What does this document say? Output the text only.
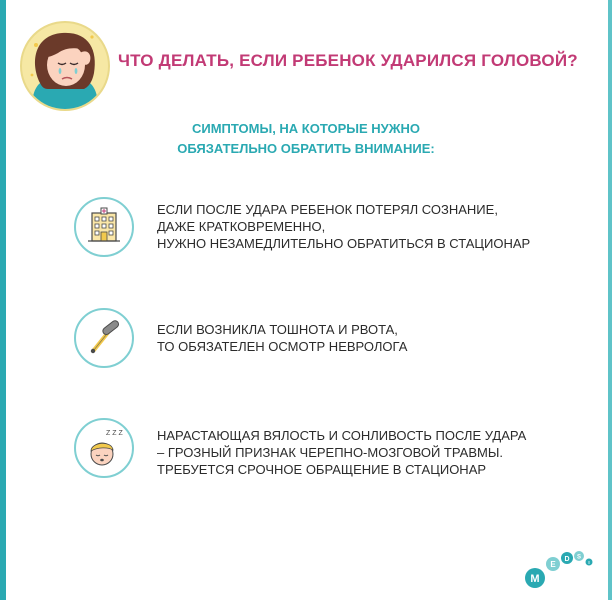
ЧТО ДЕЛАТЬ, ЕСЛИ РЕБЕНОК УДАРИЛСЯ ГОЛОВОЙ?
СИМПТОМЫ, НА КОТОРЫЕ НУЖНО
ОБЯЗАТЕЛЬНО ОБРАТИТЬ ВНИМАНИЕ:
ЕСЛИ ПОСЛЕ УДАРА РЕБЕНОК ПОТЕРЯЛ СОЗНАНИЕ,
ДАЖЕ КРАТКОВРЕМЕННО,
НУЖНО НЕЗАМЕДЛИТЕЛЬНО ОБРАТИТЬСЯ В СТАЦИОНАР
ЕСЛИ ВОЗНИКЛА ТОШНОТА И РВОТА,
ТО ОБЯЗАТЕЛЕН ОСМОТР НЕВРОЛОГА
Z Z Z	НАРАСТАЮЩАЯ ВЯЛОСТЬ И СОНЛИВОСТЬ ПОСЛЕ УДАРА
– ГРОЗНЫЙ ПРИЗНАК ЧЕРЕПНО-МОЗГОВОЙ ТРАВМЫ.
ТРЕБУЕТСЯ СРОЧНОЕ ОБРАЩЕНИЕ В СТАЦИОНАР
M
E
D S
I
